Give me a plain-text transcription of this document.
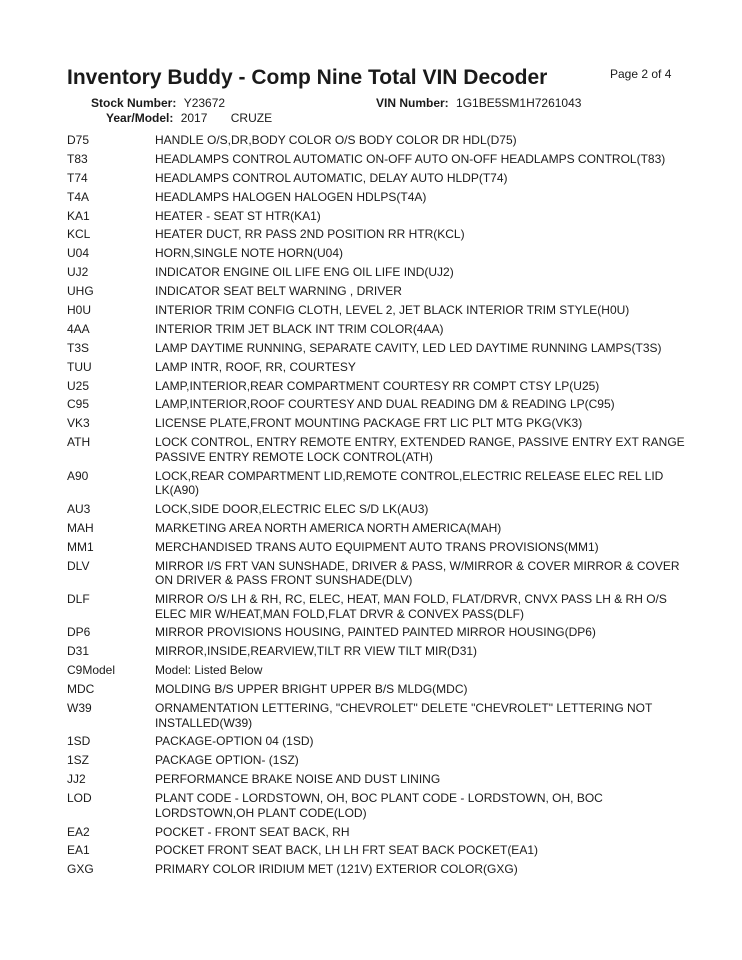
Inventory Buddy - Comp Nine Total VIN Decoder	Page 2 of 4
Stock Number: Y23672	VIN Number: 1G1BE5SM1H7261043
Year/Model: 2017 CRUZE
D75	HANDLE O/S,DR,BODY COLOR O/S BODY COLOR DR HDL(D75)
T83	HEADLAMPS CONTROL AUTOMATIC ON-OFF AUTO ON-OFF HEADLAMPS CONTROL(T83)
T74	HEADLAMPS CONTROL AUTOMATIC, DELAY AUTO HLDP(T74)
T4A	HEADLAMPS HALOGEN HALOGEN HDLPS(T4A)
KA1	HEATER - SEAT ST HTR(KA1)
KCL	HEATER DUCT, RR PASS 2ND POSITION RR HTR(KCL)
U04	HORN,SINGLE NOTE HORN(U04)
UJ2	INDICATOR ENGINE OIL LIFE ENG OIL LIFE IND(UJ2)
UHG	INDICATOR SEAT BELT WARNING , DRIVER
H0U	INTERIOR TRIM CONFIG CLOTH, LEVEL 2, JET BLACK INTERIOR TRIM STYLE(H0U)
4AA	INTERIOR TRIM JET BLACK INT TRIM COLOR(4AA)
T3S	LAMP DAYTIME RUNNING, SEPARATE CAVITY, LED LED DAYTIME RUNNING LAMPS(T3S)
TUU	LAMP INTR, ROOF, RR, COURTESY
U25	LAMP,INTERIOR,REAR COMPARTMENT COURTESY RR COMPT CTSY LP(U25)
C95	LAMP,INTERIOR,ROOF COURTESY AND DUAL READING DM & READING LP(C95)
VK3	LICENSE PLATE,FRONT MOUNTING PACKAGE FRT LIC PLT MTG PKG(VK3)
ATH	LOCK CONTROL, ENTRY REMOTE ENTRY, EXTENDED RANGE, PASSIVE ENTRY EXT RANGE PASSIVE ENTRY REMOTE LOCK CONTROL(ATH)
A90	LOCK,REAR COMPARTMENT LID,REMOTE CONTROL,ELECTRIC RELEASE ELEC REL LID LK(A90)
AU3	LOCK,SIDE DOOR,ELECTRIC ELEC S/D LK(AU3)
MAH	MARKETING AREA NORTH AMERICA NORTH AMERICA(MAH)
MM1	MERCHANDISED TRANS AUTO EQUIPMENT AUTO TRANS PROVISIONS(MM1)
DLV	MIRROR I/S FRT VAN SUNSHADE, DRIVER & PASS, W/MIRROR & COVER MIRROR & COVER ON DRIVER & PASS FRONT SUNSHADE(DLV)
DLF	MIRROR O/S LH & RH, RC, ELEC, HEAT, MAN FOLD, FLAT/DRVR, CNVX PASS LH & RH O/S ELEC MIR W/HEAT,MAN FOLD,FLAT DRVR & CONVEX PASS(DLF)
DP6	MIRROR PROVISIONS HOUSING, PAINTED PAINTED MIRROR HOUSING(DP6)
D31	MIRROR,INSIDE,REARVIEW,TILT RR VIEW TILT MIR(D31)
C9Model	Model: Listed Below
MDC	MOLDING B/S UPPER BRIGHT UPPER B/S MLDG(MDC)
W39	ORNAMENTATION LETTERING, "CHEVROLET" DELETE "CHEVROLET" LETTERING NOT INSTALLED(W39)
1SD	PACKAGE-OPTION 04 (1SD)
1SZ	PACKAGE OPTION- (1SZ)
JJ2	PERFORMANCE BRAKE NOISE AND DUST LINING
LOD	PLANT CODE - LORDSTOWN, OH, BOC PLANT CODE - LORDSTOWN, OH, BOC LORDSTOWN,OH PLANT CODE(LOD)
EA2	POCKET - FRONT SEAT BACK, RH
EA1	POCKET FRONT SEAT BACK, LH LH FRT SEAT BACK POCKET(EA1)
GXG	PRIMARY COLOR IRIDIUM MET (121V) EXTERIOR COLOR(GXG)
